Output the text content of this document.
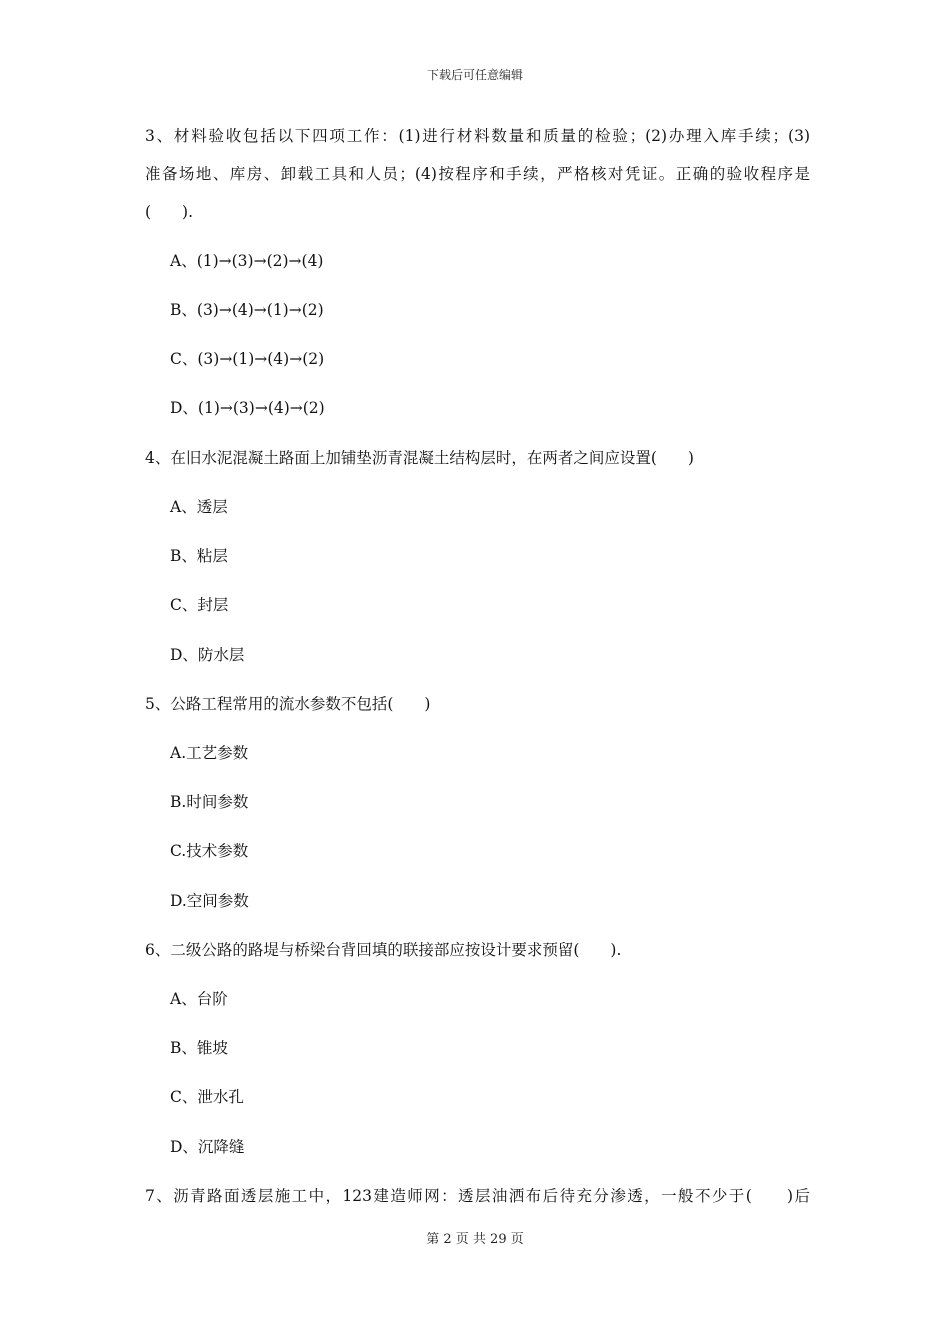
下载后可任意编辑
3、材料验收包括以下四项工作：(1)进行材料数量和质量的检验；(2)办理入库手续；(3)
准备场地、库房、卸载工具和人员；(4)按程序和手续，严格核对凭证。正确的验收程序是
(　　).
A、(1)→(3)→(2)→(4)
B、(3)→(4)→(1)→(2)
C、(3)→(1)→(4)→(2)
D、(1)→(3)→(4)→(2)
4、在旧水泥混凝土路面上加铺垫沥青混凝土结构层时，在两者之间应设置(　　)
A、透层
B、粘层
C、封层
D、防水层
5、公路工程常用的流水参数不包括(　　)
A.工艺参数
B.时间参数
C.技术参数
D.空间参数
6、二级公路的路堤与桥梁台背回填的联接部应按设计要求预留(　　).
A、台阶
B、锥坡
C、泄水孔
D、沉降缝
7、沥青路面透层施工中，123建造师网：透层油洒布后待充分渗透，一般不少于(　　)后
第 2 页 共 29 页
